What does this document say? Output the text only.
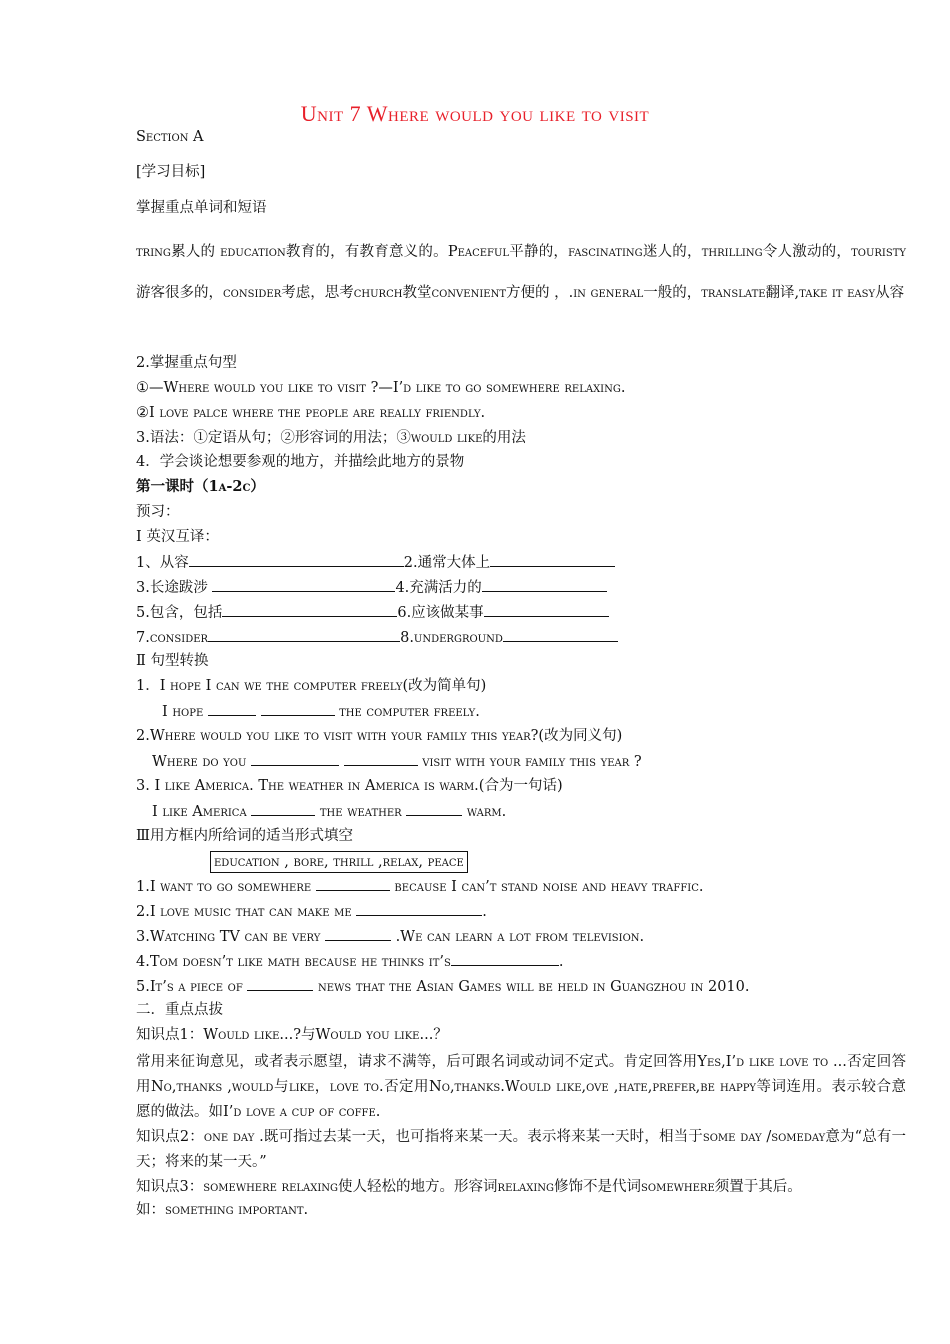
Unit 7 Where would you like to visit
Section A
[学习目标]
掌握重点单词和短语
tring累人的 education教育的，有教育意义的。Peaceful平静的，fascinating迷人的，thrilling令人激动的，touristy游客很多的，consider考虑，思考church教堂convenient方便的 ，.in general一般的，translate翻译,take it easy从容
2.掌握重点句型
①—Where would you like to visit ?—I’d like to go somewhere relaxing.
②I love palce where the people are really friendly.
3.语法：①定语从句；②形容词的用法；③would like的用法
4．学会谈论想要参观的地方，并描绘此地方的景物
第一课时（1a-2c）
预习：
Ⅰ 英汉互译：
1、从容	2.通常大体上
3.长途跋涉	4.充满活力的
5.包含，包括	6.应该做某事
7.consider	8.underground
Ⅱ 句型转换
1．I hope I can we the computer freely(改为简单句)
I hope	the computer freely.
2.Where would you like to visit with your family this year?(改为同义句)
Where do you	visit with your family this year ?
3. I like America. The weather in America is warm.(合为一句话)
I like America	the weather	warm.
Ⅲ用方框内所给词的适当形式填空
education , bore, thrill ,relax, peace
1.I want to go somewhere	because I can’t stand noise and heavy traffic.
2.I love music that can make me	.
3.Watching TV can be very	.We can learn a lot from television.
4.Tom doesn’t like math because he thinks it’s	.
5.It’s a piece of	news that the Asian Games will be held in Guangzhou in 2010.
二．重点点拔
知识点1：Would like...?与Would you like...？
常用来征询意见，或者表示愿望，请求不满等，后可跟名词或动词不定式。肯定回答用Yes,I’d like love to ...否定回答用No,thanks ,would与like，love to.否定用No,thanks.Would like,ove ,hate,prefer,be happy等词连用。表示较合意愿的做法。如I’d love a cup of coffe.
知识点2：one day .既可指过去某一天，也可指将来某一天。表示将来某一天时，相当于some day /someday意为“总有一天；将来的某一天。”
知识点3：somewhere relaxing使人轻松的地方。形容词relaxing修饰不是代词somewhere须置于其后。
如：something important.
